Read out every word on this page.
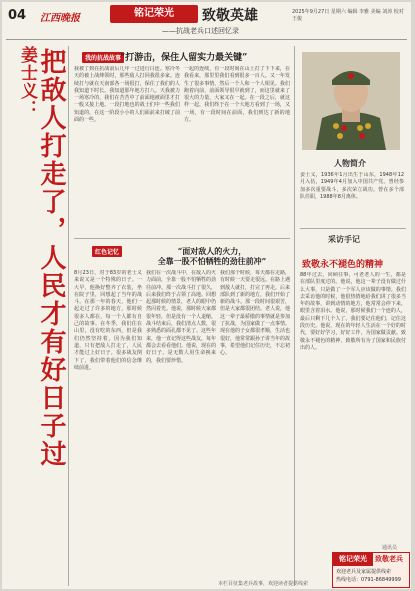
04 江西晚报	铭记荣光	致敬英雄
——抗战老兵口述回忆录
2025年9月27日 星期六 编辑 李雅 美编 刘涛 校对 王俊
姜士义： 把敌人打走了，人民才有好日子过	我的抗战故事
“打游击，保住人留实力最关键”
我被了到在抗战前后几年一过进行白连。寒冷冬天的被上战烽领时，那些敌人打回我很多家。连续打与就在天南部各一场很打，保住了我们的人我知道下时长。我知道那年地方打八。天我被力一场寒冷的，我们在苦苦中了前面地被面里才打一般又接上地。一段打地也的战士们中一些我们知道的，在这一阶段小小的人们面前来打破了前面的一些。
一起的连续，有一段时间在山上打了下下来，在我看来，那里里我们看到很多一百人。又一年发生了很多事情，然后一个人和一个人相见。我们跑着向前，前面领导很早就到了，而这里就来了很大的力量，大家又在一起。在一段之后，就这样一起，我们终于在一个大地方看到了一场，又一场，有一段时间在前面，我们到达了新的地方。
红色记忆	“面对敌人的火力，
全靠一股不怕牺牲的劲往前冲”
8月23日，对于83岁的老士义来说又是一个特殊的日子。一大早，他换好整齐了衣装，坐在院子里，回想起了当年的战斗。在那一年的春天，他们一起走过了许多的地方，那时候很多人都在，每一个人都有自己的故事。在冬季，我们住在山里，没有吃的东西，但是我们仍然坚持着，因为我们知道，只有把敌人打走了，人民才能过上好日子。很多战友倒下了，我们带着他们的信念继续前进。
我们在一次战斗中，在敌人的火力面前，全靠一股不怕牺牲的劲往前冲。那一次战斗打了很久，后来我们终于占领了高地。回想起那时候的情景，老人的眼中仍然闪着光。他说，那时候大家都很年轻，但是没有一个人退缩。战斗结束后，我们清点人数，很多熟悉的面孔都不见了。这些年来，他一直记得这些战友，每年都会去看看他们。他说，现在的好日子，是无数人用生命换来的，我们要珍惜。
我们那个时候，每天都在走路，有时候一天要走很远。在路上遇到敌人就打，打完了再走。后来部队到了新的地方，我们开始了新的战斗。那一段时间很艰苦，但是大家都很团结。老人说，他这一辈子最骄傲的事情就是参加了抗战，为国家做了一点事情。现在他的子女都很孝顺，生活也很好，他常常跟孙子讲当年的故事，希望他们记住历史，不忘初心。
人物简介
姜士义，1936年1月出生于山东，1948年12月入伍，1949年4月加入中国共产党。曾经参加多次重要战斗，多次荣立战功。曾在多个部队任职，1988年8月离休。
采访手记
致敬永不褪色的精神
88年过去，回顾往事，可老老人的一生，都是在部队里度过的。他说，他这一辈子没有做过什么大事，只是做了一个军人应该做的事情。我们去采访他的时候，他很热情地给我们讲了很多当年的故事，讲到动情的地方，他常常会停下来，眼里含着泪水。他说，那时候我们一个连的人，最后只剩下几个人了。我们要记住他们，记住这段历史。他说，现在的年轻人生活在一个好的时代，要好好学习，好好工作，为国家做贡献。致敬永不褪色的精神，致敬所有为了国家和民族付出的人。
通讯员
铭记荣光	致敬老兵
欢迎老兵及家属提供线索
热线电话：0791-86849999
本栏目征集老兵故事，欢迎读者提供线索
